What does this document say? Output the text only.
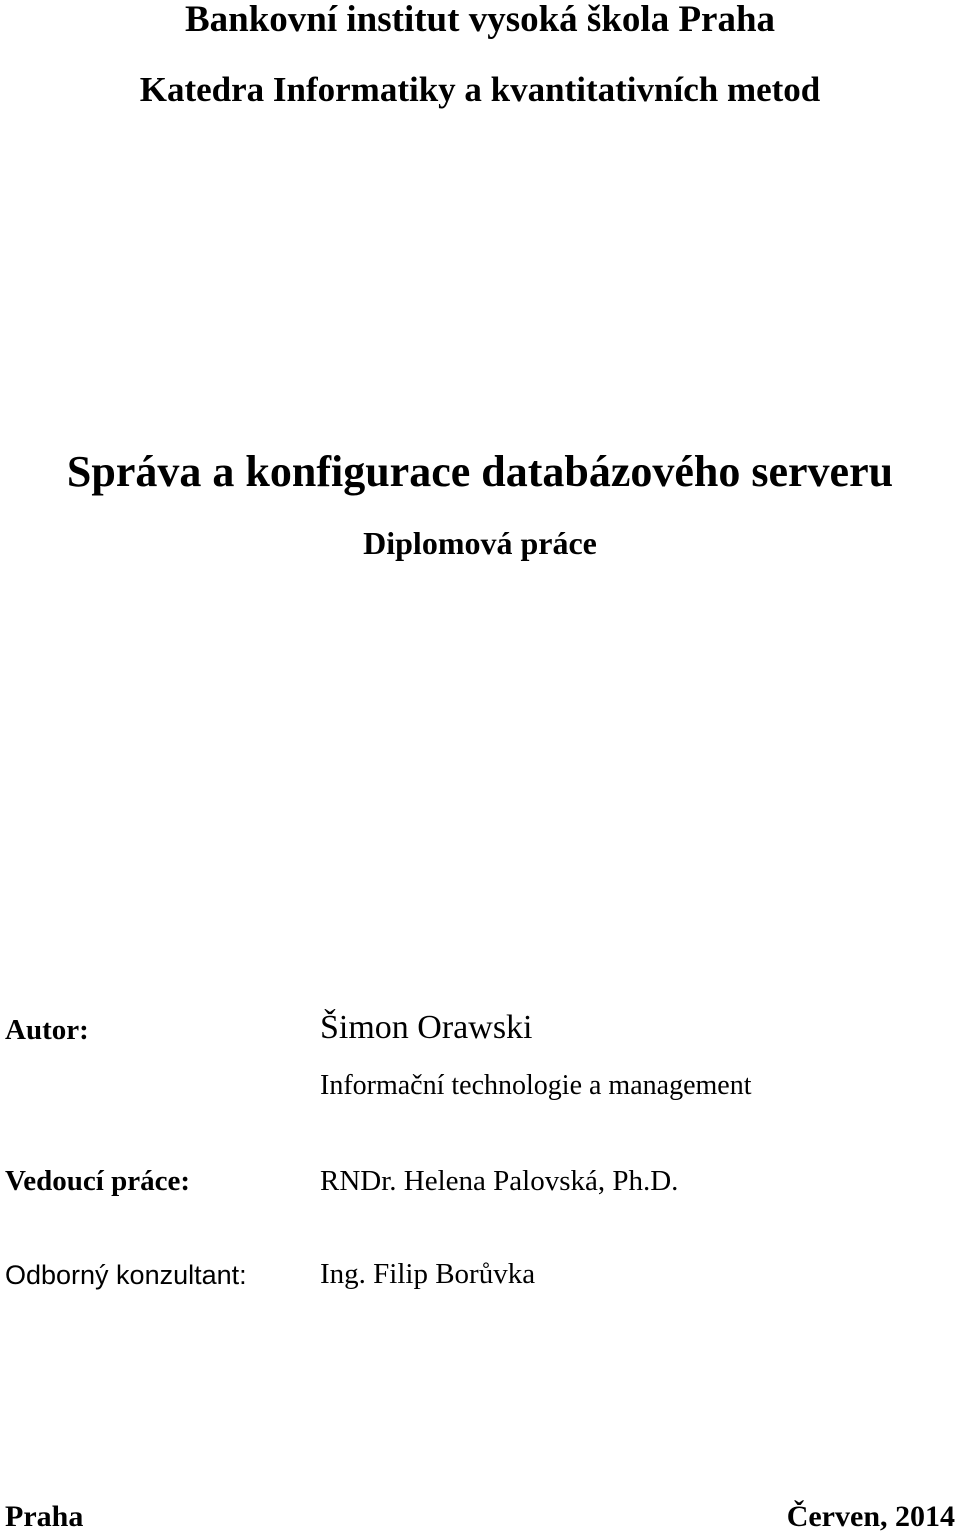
Bankovní institut vysoká škola Praha
Katedra Informatiky a kvantitativních metod
Správa a konfigurace databázového serveru
Diplomová práce
Autor:	Šimon Orawski
Informační technologie a management
Vedoucí práce:	RNDr. Helena Palovská, Ph.D.
Odborný konzultant:	Ing. Filip Borůvka
Praha	Červen, 2014
